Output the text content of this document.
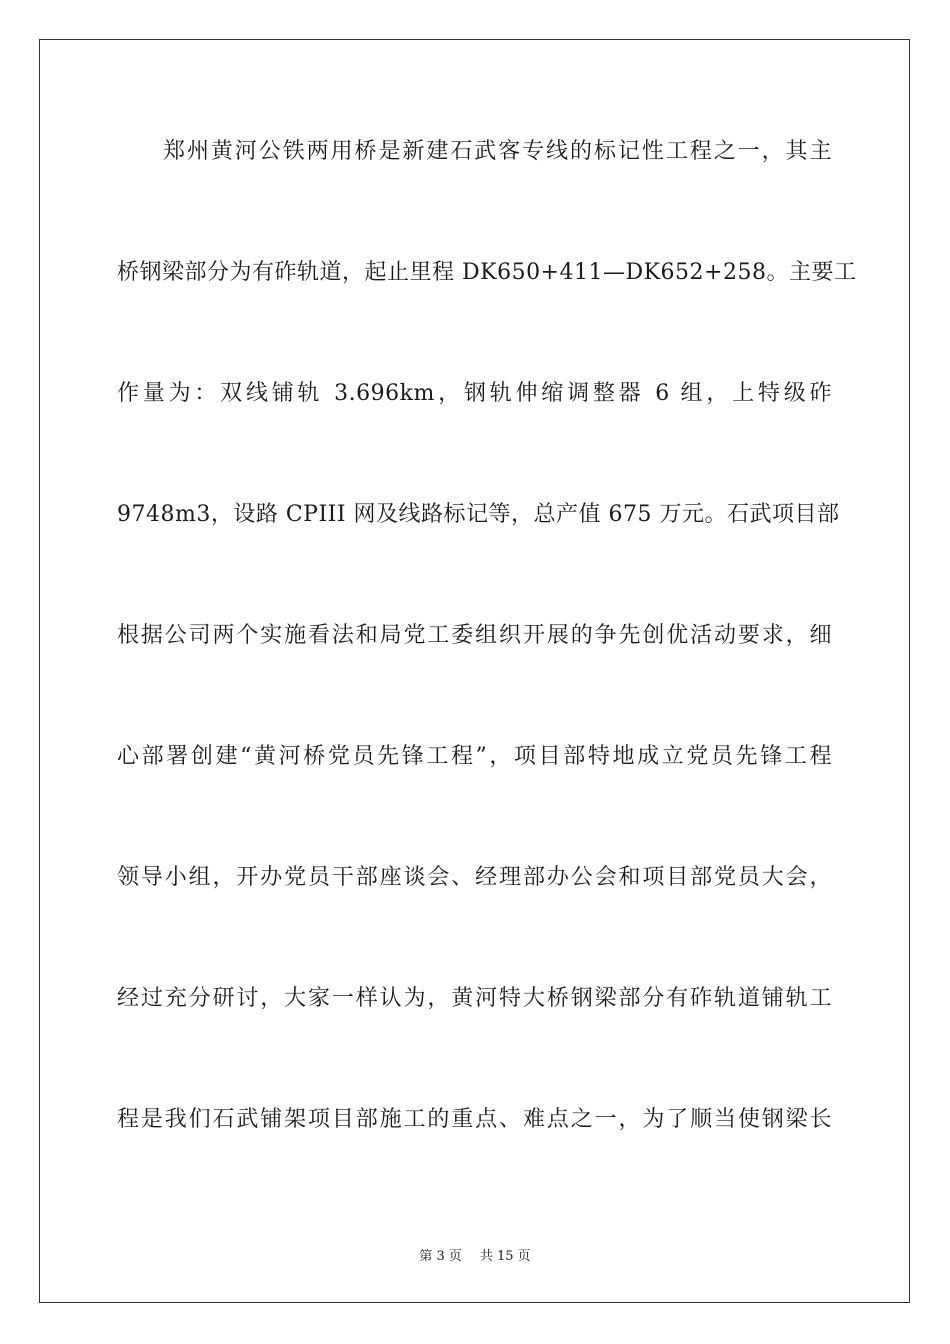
郑州黄河公铁两用桥是新建石武客专线的标记性工程之一，其主
桥钢梁部分为有砟轨道，起止里程 DK650+411—DK652+258。主要工
作量为：双线铺轨 3.696km，钢轨伸缩调整器 6 组，上特级砟
9748m3，设路 CPIII 网及线路标记等，总产值 675 万元。石武项目部
根据公司两个实施看法和局党工委组织开展的争先创优活动要求，细
心部署创建“黄河桥党员先锋工程”，项目部特地成立党员先锋工程
领导小组，开办党员干部座谈会、经理部办公会和项目部党员大会，
经过充分研讨，大家一样认为，黄河特大桥钢梁部分有砟轨道铺轨工
程是我们石武铺架项目部施工的重点、难点之一，为了顺当使钢梁长
第 3 页 共 15 页
